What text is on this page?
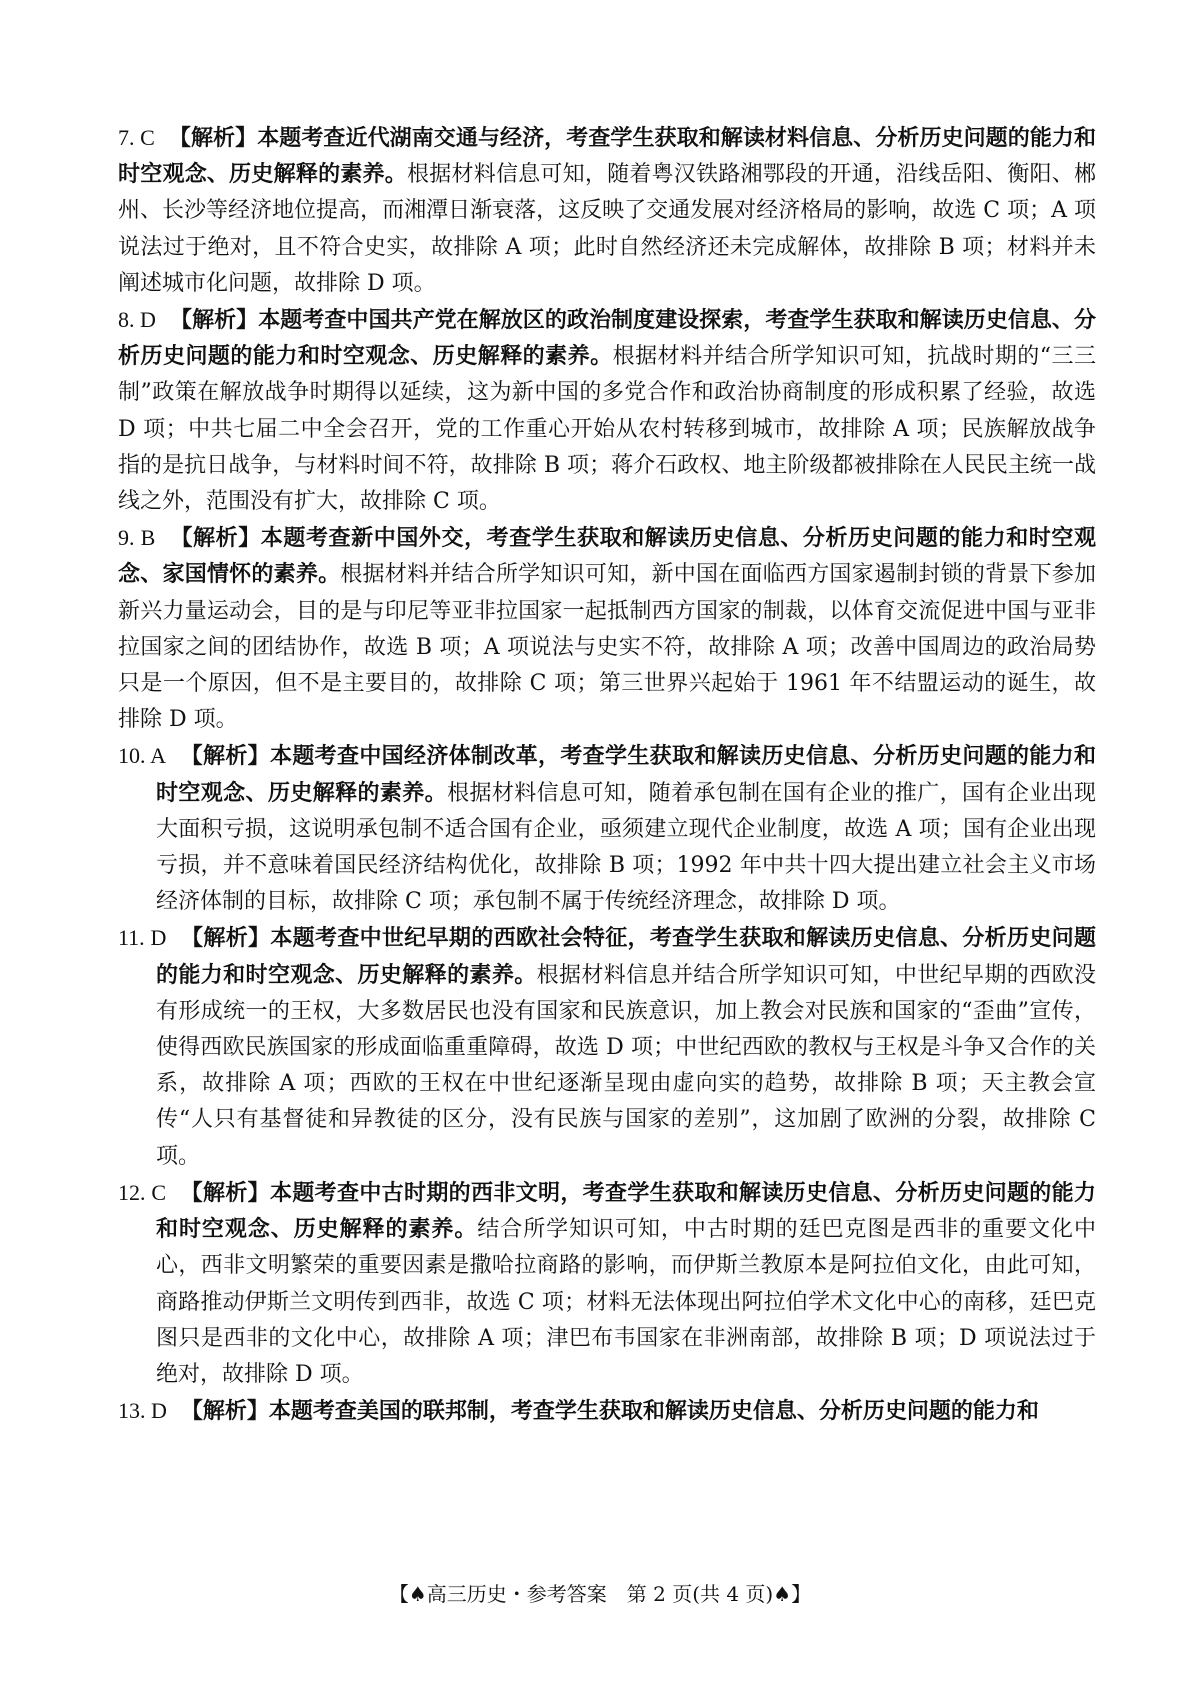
7. C 【解析】本题考查近代湖南交通与经济，考查学生获取和解读材料信息、分析历史问题的能力和时空观念、历史解释的素养。根据材料信息可知，随着粤汉铁路湘鄂段的开通，沿线岳阳、衡阳、郴州、长沙等经济地位提高，而湘潭日渐衰落，这反映了交通发展对经济格局的影响，故选 C 项；A 项说法过于绝对，且不符合史实，故排除 A 项；此时自然经济还未完成解体，故排除 B 项；材料并未阐述城市化问题，故排除 D 项。
8. D 【解析】本题考查中国共产党在解放区的政治制度建设探索，考查学生获取和解读历史信息、分析历史问题的能力和时空观念、历史解释的素养。根据材料并结合所学知识可知，抗战时期的“三三制”政策在解放战争时期得以延续，这为新中国的多党合作和政治协商制度的形成积累了经验，故选 D 项；中共七届二中全会召开，党的工作重心开始从农村转移到城市，故排除 A 项；民族解放战争指的是抗日战争，与材料时间不符，故排除 B 项；蒋介石政权、地主阶级都被排除在人民民主统一战线之外，范围没有扩大，故排除 C 项。
9. B 【解析】本题考查新中国外交，考查学生获取和解读历史信息、分析历史问题的能力和时空观念、家国情怀的素养。根据材料并结合所学知识可知，新中国在面临西方国家遏制封锁的背景下参加新兴力量运动会，目的是与印尼等亚非拉国家一起抵制西方国家的制裁，以体育交流促进中国与亚非拉国家之间的团结协作，故选 B 项；A 项说法与史实不符，故排除 A 项；改善中国周边的政治局势只是一个原因，但不是主要目的，故排除 C 项；第三世界兴起始于 1961 年不结盟运动的诞生，故排除 D 项。
10. A 【解析】本题考查中国经济体制改革，考查学生获取和解读历史信息、分析历史问题的能力和时空观念、历史解释的素养。根据材料信息可知，随着承包制在国有企业的推广，国有企业出现大面积亏损，这说明承包制不适合国有企业，亟须建立现代企业制度，故选 A 项；国有企业出现亏损，并不意味着国民经济结构优化，故排除 B 项；1992 年中共十四大提出建立社会主义市场经济体制的目标，故排除 C 项；承包制不属于传统经济理念，故排除 D 项。
11. D 【解析】本题考查中世纪早期的西欧社会特征，考查学生获取和解读历史信息、分析历史问题的能力和时空观念、历史解释的素养。根据材料信息并结合所学知识可知，中世纪早期的西欧没有形成统一的王权，大多数居民也没有国家和民族意识，加上教会对民族和国家的“歪曲”宣传，使得西欧民族国家的形成面临重重障碍，故选 D 项；中世纪西欧的教权与王权是斗争又合作的关系，故排除 A 项；西欧的王权在中世纪逐渐呈现由虚向实的趋势，故排除 B 项；天主教会宣传“人只有基督徒和异教徒的区分，没有民族与国家的差别”，这加剧了欧洲的分裂，故排除 C 项。
12. C 【解析】本题考查中古时期的西非文明，考查学生获取和解读历史信息、分析历史问题的能力和时空观念、历史解释的素养。结合所学知识可知，中古时期的廷巴克图是西非的重要文化中心，西非文明繁荣的重要因素是撒哈拉商路的影响，而伊斯兰教原本是阿拉伯文化，由此可知，商路推动伊斯兰文明传到西非，故选 C 项；材料无法体现出阿拉伯学术文化中心的南移，廷巴克图只是西非的文化中心，故排除 A 项；津巴布韦国家在非洲南部，故排除 B 项；D 项说法过于绝对，故排除 D 项。
13. D 【解析】本题考查美国的联邦制，考查学生获取和解读历史信息、分析历史问题的能力和
【♠高三历史・参考答案　第 2 页(共 4 页)♠】
